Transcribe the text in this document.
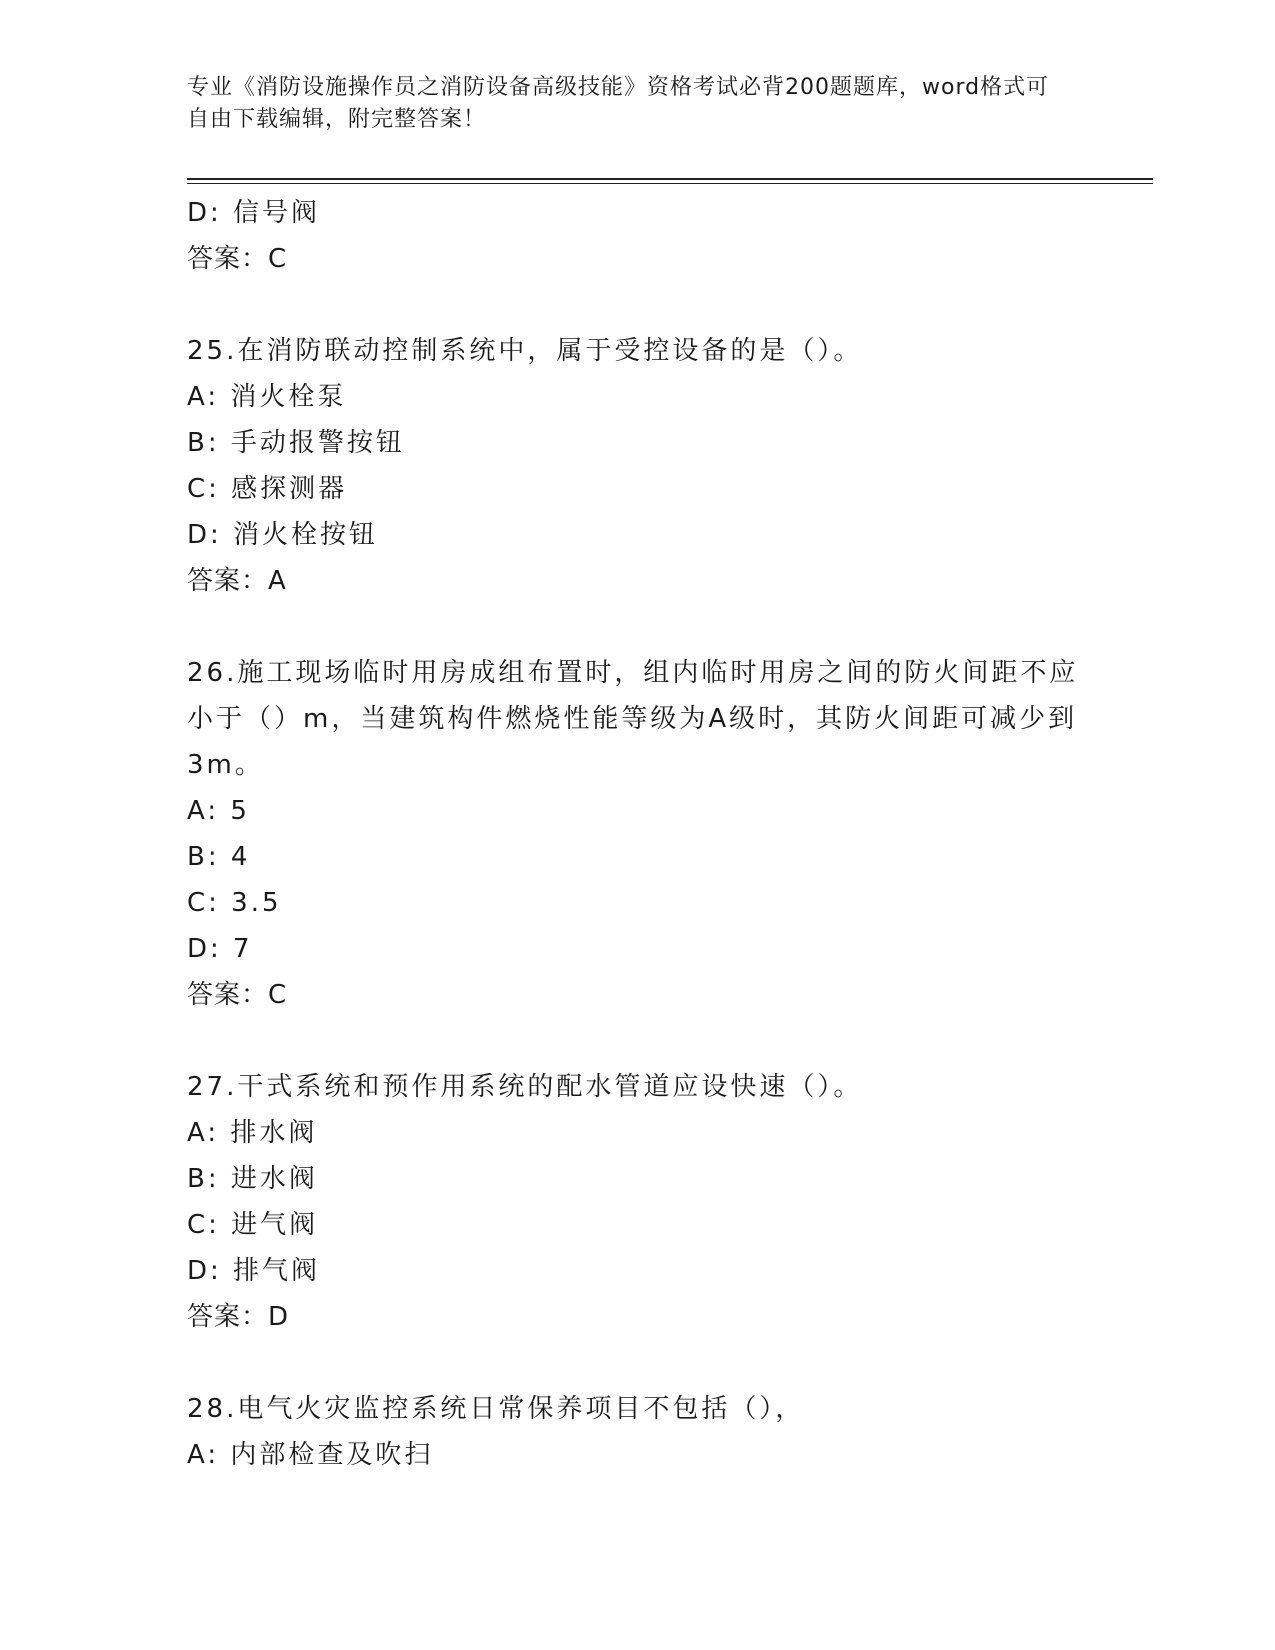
专业《消防设施操作员之消防设备高级技能》资格考试必背200题题库，word格式可自由下载编辑，附完整答案！
D: 信号阀
答案：C
25.在消防联动控制系统中，属于受控设备的是（）。
A: 消火栓泵
B: 手动报警按钮
C: 感探测器
D: 消火栓按钮
答案：A
26.施工现场临时用房成组布置时，组内临时用房之间的防火间距不应小于（）m，当建筑构件燃烧性能等级为A级时，其防火间距可减少到3m。
A: 5
B: 4
C: 3.5
D: 7
答案：C
27.干式系统和预作用系统的配水管道应设快速（）。
A: 排水阀
B: 进水阀
C: 进气阀
D: 排气阀
答案：D
28.电气火灾监控系统日常保养项目不包括（），
A: 内部检查及吹扫
